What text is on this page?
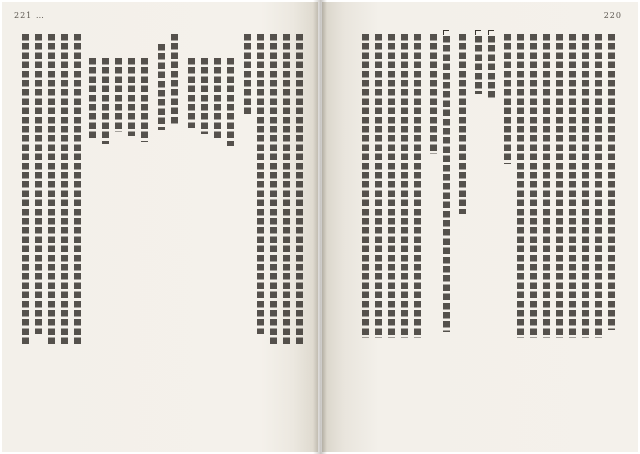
221 …	220
